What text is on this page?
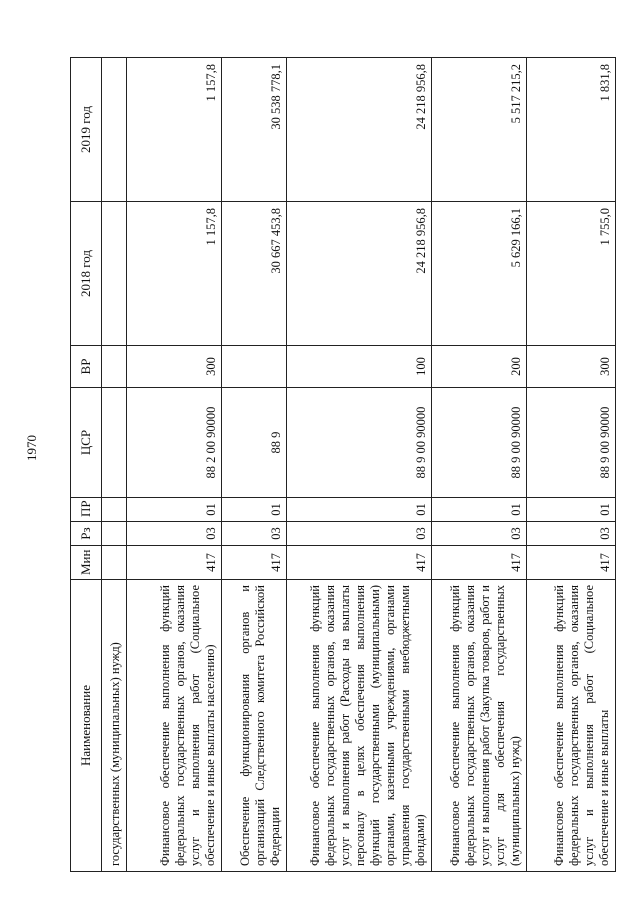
1970
Наименование	Мин	Рз	ПР	ЦСР	ВР	2018 год	2019 год
государственных (муниципальных) нужд)							
Финансовое обеспечение выполнения функций федеральных государственных органов, оказания услуг и выполнения работ (Социальное обеспечение и иные выплаты населению)	417	03	01	88 2 00 90000	300	1 157,8	1 157,8
Обеспечение функционирования органов и организаций Следственного комитета Российской Федерации	417	03	01	88 9		30 667 453,8	30 538 778,1
Финансовое обеспечение выполнения функций федеральных государственных органов, оказания услуг и выполнения работ (Расходы на выплаты персоналу в целях обеспечения выполнения функций государственными (муниципальными) органами, казенными учреждениями, органами управления государственными внебюджетными фондами)	417	03	01	88 9 00 90000	100	24 218 956,8	24 218 956,8
Финансовое обеспечение выполнения функций федеральных государственных органов, оказания услуг и выполнения работ (Закупка товаров, работ и услуг для обеспечения государственных (муниципальных) нужд)	417	03	01	88 9 00 90000	200	5 629 166,1	5 517 215,2
Финансовое обеспечение выполнения функций федеральных государственных органов, оказания услуг и выполнения работ (Социальное обеспечение и иные выплаты	417	03	01	88 9 00 90000	300	1 755,0	1 831,8
